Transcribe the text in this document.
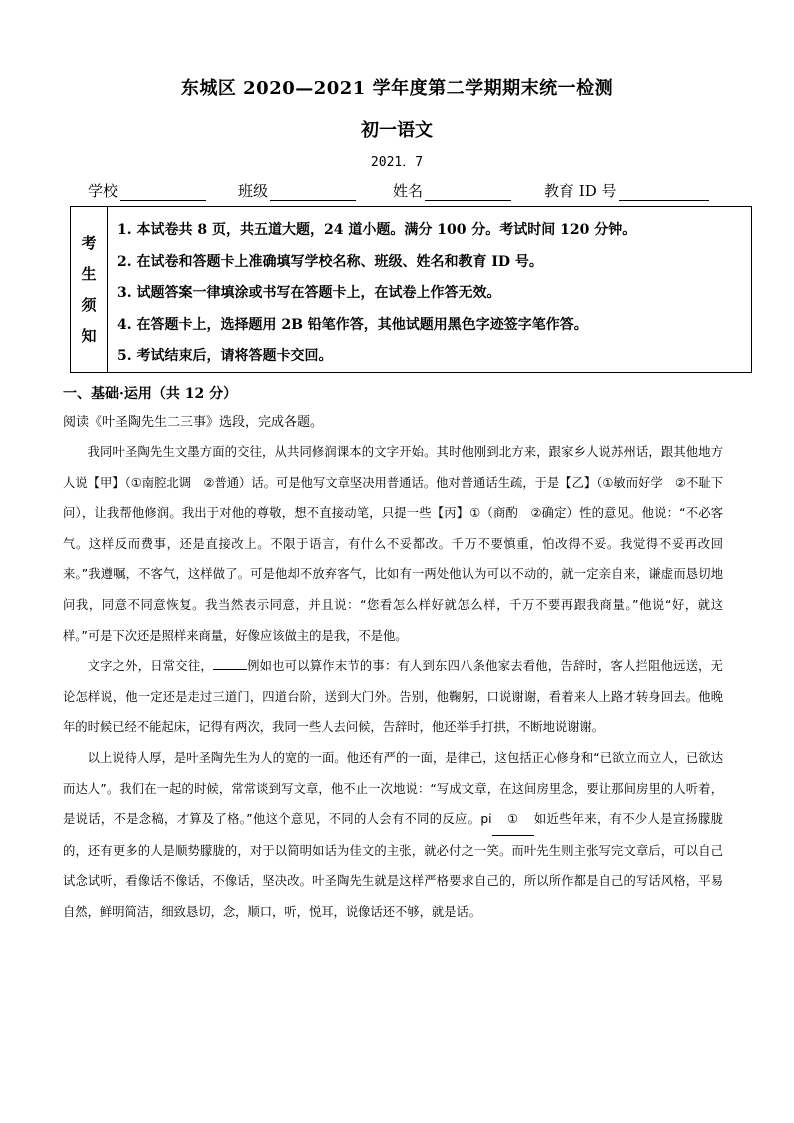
东城区 2020—2021 学年度第二学期期末统一检测
初一语文
2021．7
学校	班级	姓名	教育 ID 号
考
生
须
知
1. 本试卷共 8 页，共五道大题，24 道小题。满分 100 分。考试时间 120 分钟。
2. 在试卷和答题卡上准确填写学校名称、班级、姓名和教育 ID 号。
3. 试题答案一律填涂或书写在答题卡上，在试卷上作答无效。
4. 在答题卡上，选择题用 2B 铅笔作答，其他试题用黑色字迹签字笔作答。
5. 考试结束后，请将答题卡交回。
一、基础·运用（共 12 分）
阅读《叶圣陶先生二三事》选段，完成各题。

我同叶圣陶先生文墨方面的交往，从共同修润课本的文字开始。其时他刚到北方来，跟家乡人说苏州话，跟其他地方人说【甲】（①南腔北调　②普通）话。可是他写文章坚决用普通话。他对普通话生疏，于是【乙】（①敏而好学　②不耻下问），让我帮他修润。我出于对他的尊敬，想不直接动笔，只提一些【丙】①（商酌　②确定）性的意见。他说：“不必客气。这样反而费事，还是直接改上。不限于语言，有什么不妥都改。千万不要慎重，怕改得不妥。我觉得不妥再改回来。”我遵嘱，不客气，这样做了。可是他却不放弃客气，比如有一两处他认为可以不动的，就一定亲自来，谦虚而恳切地问我，同意不同意恢复。我当然表示同意，并且说：“您看怎么样好就怎么样，千万不要再跟我商量。”他说“好，就这样。”可是下次还是照样来商量，好像应该做主的是我，不是他。

文字之外，日常交往，	例如也可以算作末节的事：有人到东四八条他家去看他，告辞时，客人拦阻他远送，无论怎样说，他一定还是走过三道门，四道台阶，送到大门外。告别，他鞠躬，口说谢谢，看着来人上路才转身回去。他晚年的时候已经不能起床，记得有两次，我同一些人去问候，告辞时，他还举手打拱，不断地说谢谢。

以上说待人厚，是叶圣陶先生为人的宽的一面。他还有严的一面，是律己，这包括正心修身和“已欲立而立人，已欲达而达人”。我们在一起的时候，常常谈到写文章，他不止一次地说：“写成文章，在这间房里念，要让那间房里的人听着，是说话，不是念稿，才算及了格。”他这个意见，不同的人会有不同的反应。pi ① 如近些年来，有不少人是宣扬朦胧的，还有更多的人是顺势朦胧的，对于以简明如话为佳文的主张，就必付之一笑。而叶先生则主张写完文章后，可以自己试念试听，看像话不像话，不像话，坚决改。叶圣陶先生就是这样严格要求自己的，所以所作都是自己的写话风格，平易自然，鲜明简洁，细致恳切，念，顺口，听，悦耳，说像话还不够，就是话。
